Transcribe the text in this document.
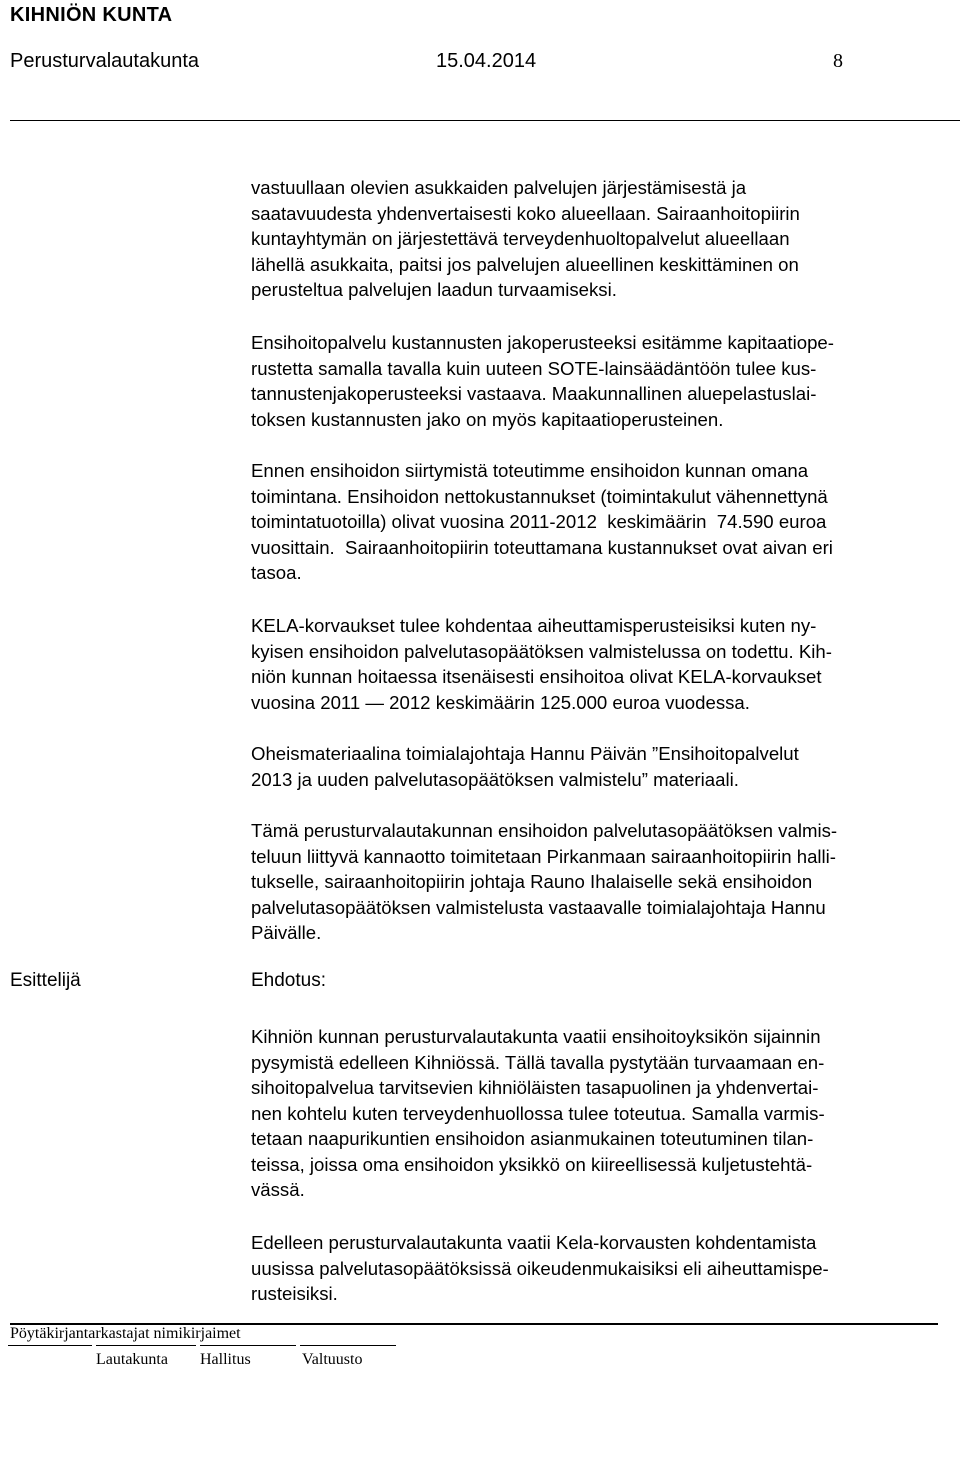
KIHNIÖN KUNTA
Perusturvalautakunta	15.04.2014	8
vastuullaan olevien asukkaiden palvelujen järjestämisestä ja
saatavuudesta yhdenvertaisesti koko alueellaan. Sairaanhoitopiirin
kuntayhtymän on järjestettävä terveydenhuoltopalvelut alueellaan
lähellä asukkaita, paitsi jos palvelujen alueellinen keskittäminen on
perusteltua palvelujen laadun turvaamiseksi.
Ensihoitopalvelu kustannusten jakoperusteeksi esitämme kapitaatiope-
rustetta samalla tavalla kuin uuteen SOTE-lainsäädäntöön tulee kus-
tannustenjakoperusteeksi vastaava. Maakunnallinen aluepelastuslai-
toksen kustannusten jako on myös kapitaatioperusteinen.
Ennen ensihoidon siirtymistä toteutimme ensihoidon kunnan omana
toimintana. Ensihoidon nettokustannukset (toimintakulut vähennettynä
toimintatuotoilla) olivat vuosina 2011-2012  keskimäärin  74.590 euroa
vuosittain.  Sairaanhoitopiirin toteuttamana kustannukset ovat aivan eri
tasoa.
KELA-korvaukset tulee kohdentaa aiheuttamisperusteisiksi kuten ny-
kyisen ensihoidon palvelutasopäätöksen valmistelussa on todettu. Kih-
niön kunnan hoitaessa itsenäisesti ensihoitoa olivat KELA-korvaukset
vuosina 2011 — 2012 keskimäärin 125.000 euroa vuodessa.
Oheismateriaalina toimialajohtaja Hannu Päivän ”Ensihoitopalvelut
2013 ja uuden palvelutasopäätöksen valmistelu” materiaali.
Tämä perusturvalautakunnan ensihoidon palvelutasopäätöksen valmis-
teluun liittyvä kannaotto toimitetaan Pirkanmaan sairaanhoitopiirin halli-
tukselle, sairaanhoitopiirin johtaja Rauno Ihalaiselle sekä ensihoidon
palvelutasopäätöksen valmistelusta vastaavalle toimialajohtaja Hannu
Päivälle.
Esittelijä	Ehdotus:
Kihniön kunnan perusturvalautakunta vaatii ensihoitoyksikön sijainnin
pysymistä edelleen Kihniössä. Tällä tavalla pystytään turvaamaan en-
sihoitopalvelua tarvitsevien kihniöläisten tasapuolinen ja yhdenvertai-
nen kohtelu kuten terveydenhuollossa tulee toteutua. Samalla varmis-
tetaan naapurikuntien ensihoidon asianmukainen toteutuminen tilan-
teissa, joissa oma ensihoidon yksikkö on kiireellisessä kuljetustehtä-
vässä.
Edelleen perusturvalautakunta vaatii Kela-korvausten kohdentamista
uusissa palvelutasopäätöksissä oikeudenmukaisiksi eli aiheuttamispe-
rusteisiksi.
Pöytäkirjantarkastajat nimikirjaimet
Lautakunta Hallitus	Valtuusto
